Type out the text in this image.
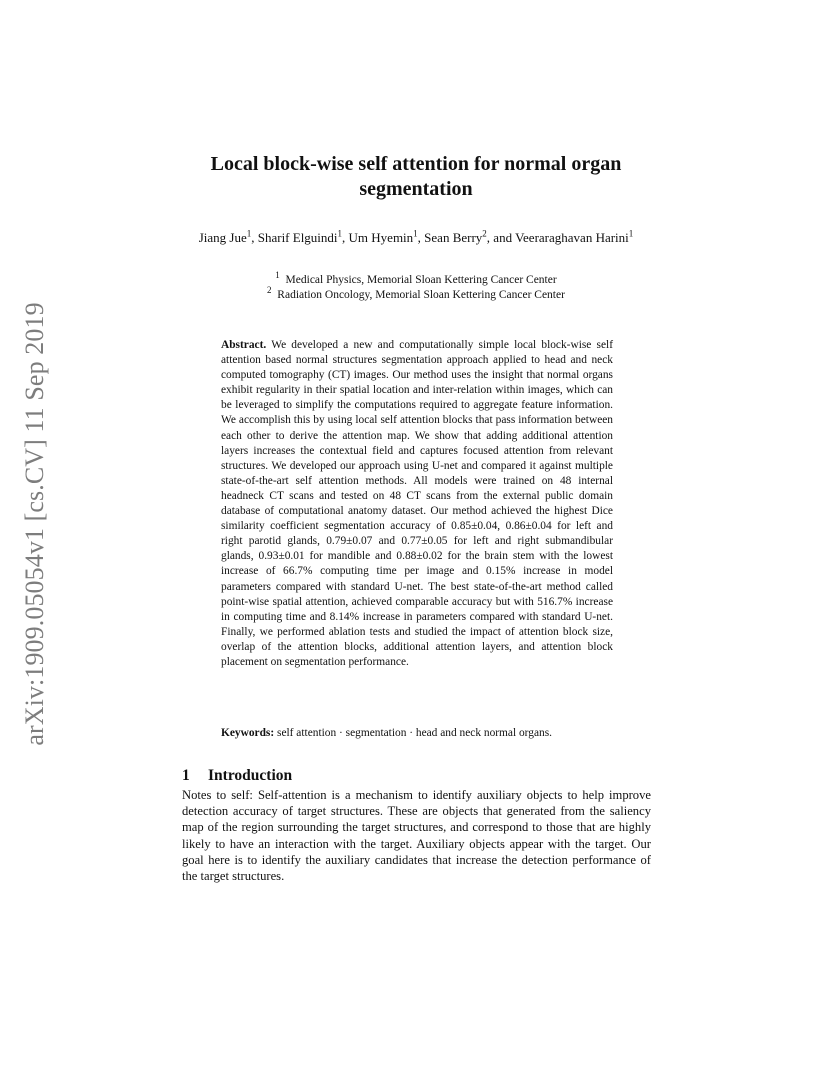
arXiv:1909.05054v1 [cs.CV] 11 Sep 2019
Local block-wise self attention for normal organ segmentation
Jiang Jue$^1$, Sharif Elguindi$^1$, Um Hyemin$^1$, Sean Berry$^2$, and Veeraraghavan Harini$^1$
$^1$ Medical Physics, Memorial Sloan Kettering Cancer Center
$^2$ Radiation Oncology, Memorial Sloan Kettering Cancer Center
Abstract. We developed a new and computationally simple local block-wise self attention based normal structures segmentation approach applied to head and neck computed tomography (CT) images. Our method uses the insight that normal organs exhibit regularity in their spatial location and inter-relation within images, which can be leveraged to simplify the computations required to aggregate feature information. We accomplish this by using local self attention blocks that pass information between each other to derive the attention map. We show that adding additional attention layers increases the contextual field and captures focused attention from relevant structures. We developed our approach using U-net and compared it against multiple state-of-the-art self attention methods. All models were trained on 48 internal headneck CT scans and tested on 48 CT scans from the external public domain database of computational anatomy dataset. Our method achieved the highest Dice similarity coefficient segmentation accuracy of 0.85±0.04, 0.86±0.04 for left and right parotid glands, 0.79±0.07 and 0.77±0.05 for left and right submandibular glands, 0.93±0.01 for mandible and 0.88±0.02 for the brain stem with the lowest increase of 66.7% computing time per image and 0.15% increase in model parameters compared with standard U-net. The best state-of-the-art method called point-wise spatial attention, achieved comparable accuracy but with 516.7% increase in computing time and 8.14% increase in parameters compared with standard U-net. Finally, we performed ablation tests and studied the impact of attention block size, overlap of the attention blocks, additional attention layers, and attention block placement on segmentation performance.
Keywords: self attention · segmentation · head and neck normal organs.
1 Introduction
Notes to self: Self-attention is a mechanism to identify auxiliary objects to help improve detection accuracy of target structures. These are objects that generated from the saliency map of the region surrounding the target structures, and correspond to those that are highly likely to have an interaction with the target. Auxiliary objects appear with the target. Our goal here is to identify the auxiliary candidates that increase the detection performance of the target structures.
